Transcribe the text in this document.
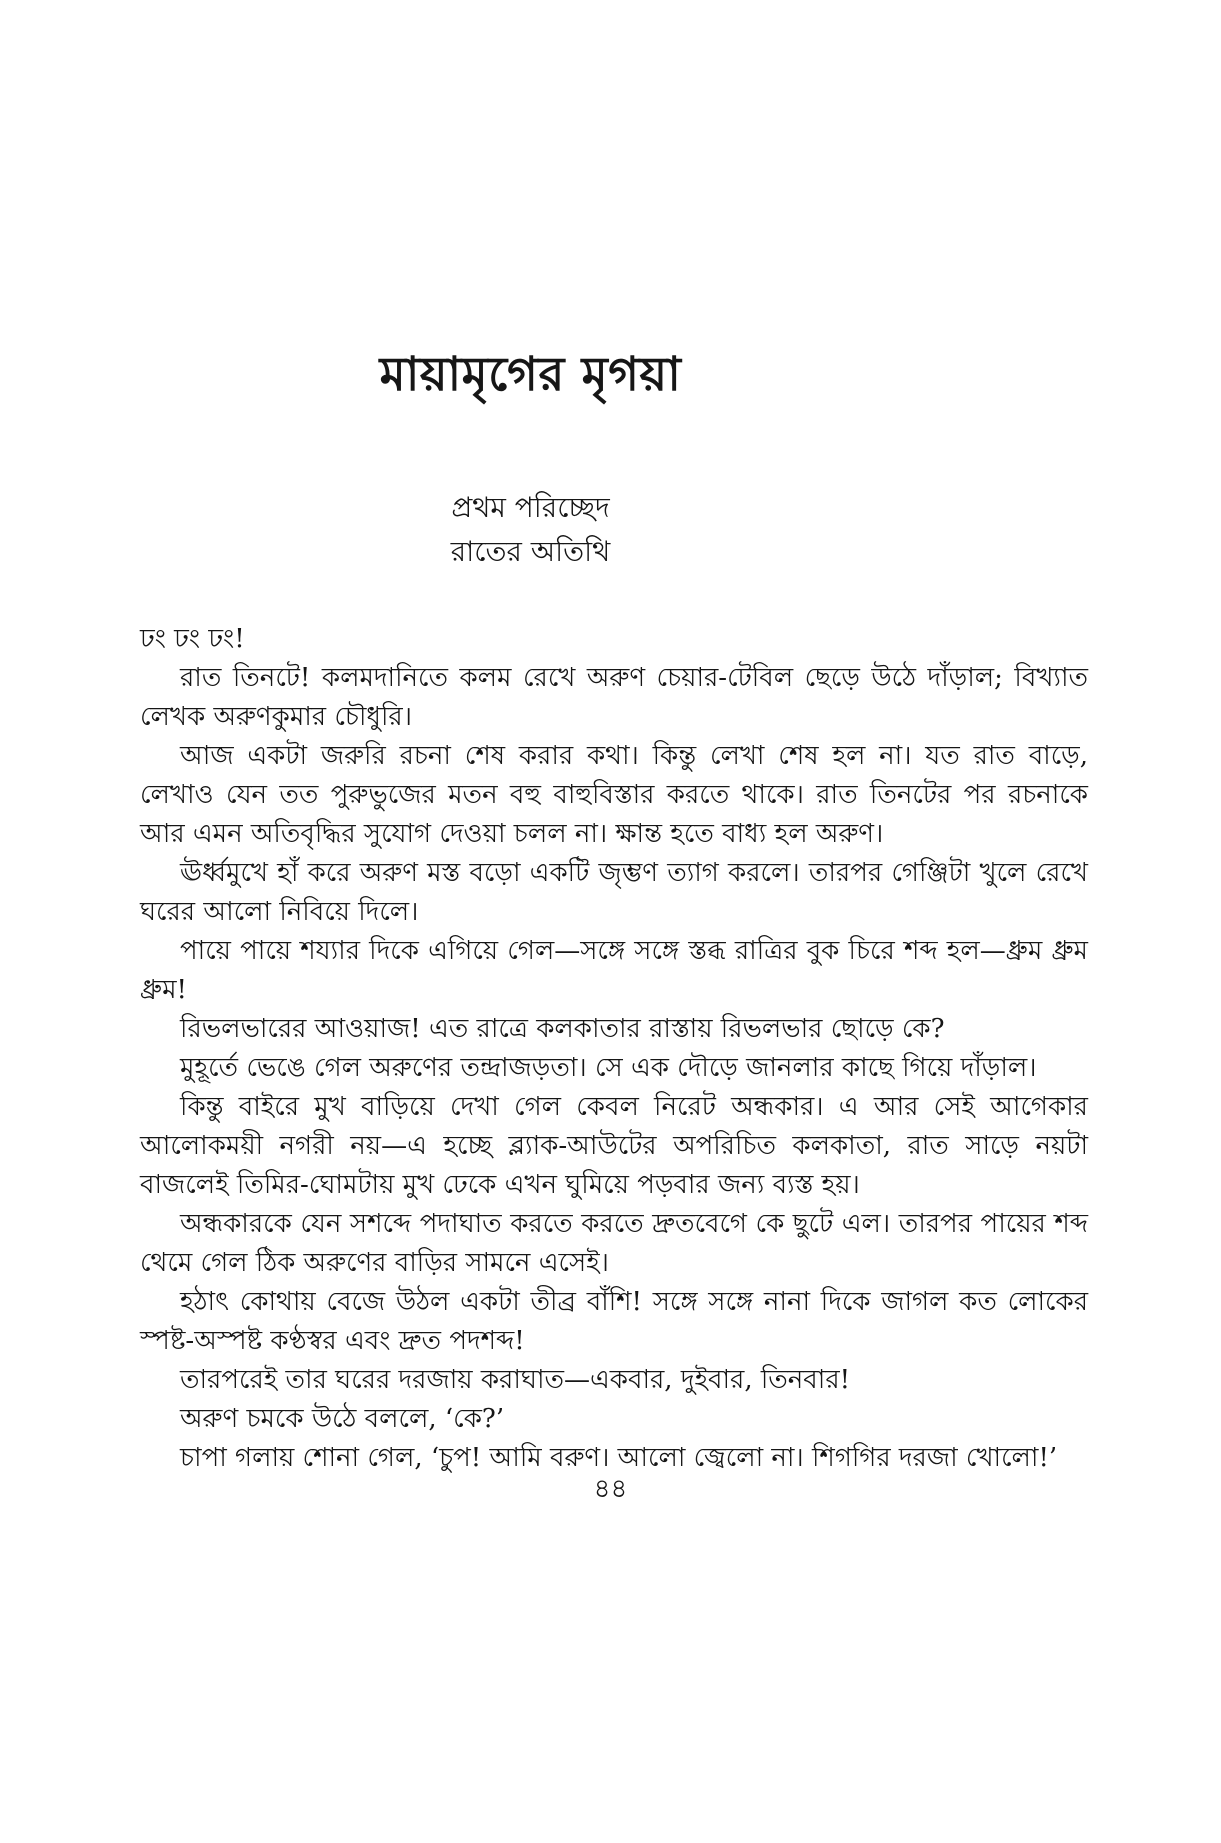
মায়ামৃগের মৃগয়া
প্রথম পরিচ্ছেদ
রাতের অতিথি

ঢং ঢং ঢং!

রাত তিনটে! কলমদানিতে কলম রেখে অরুণ চেয়ার-টেবিল ছেড়ে উঠে দাঁড়াল; বিখ্যাত লেখক অরুণকুমার চৌধুরি।

আজ একটা জরুরি রচনা শেষ করার কথা। কিন্তু লেখা শেষ হল না। যত রাত বাড়ে, লেখাও যেন তত পুরুভুজের মতন বহু বাহুবিস্তার করতে থাকে। রাত তিনটের পর রচনাকে আর এমন অতিবৃদ্ধির সুযোগ দেওয়া চলল না। ক্ষান্ত হতে বাধ্য হল অরুণ।

ঊর্ধ্বমুখে হাঁ করে অরুণ মস্ত বড়ো একটি জৃম্ভণ ত্যাগ করলে। তারপর গেঞ্জিটা খুলে রেখে ঘরের আলো নিবিয়ে দিলে।

পায়ে পায়ে শয্যার দিকে এগিয়ে গেল—সঙ্গে সঙ্গে স্তব্ধ রাত্রির বুক চিরে শব্দ হল—ধ্রুম ধ্রুম ধ্রুম!

রিভলভারের আওয়াজ! এত রাত্রে কলকাতার রাস্তায় রিভলভার ছোড়ে কে?

মুহূর্তে ভেঙে গেল অরুণের তন্দ্রাজড়তা। সে এক দৌড়ে জানলার কাছে গিয়ে দাঁড়াল।

কিন্তু বাইরে মুখ বাড়িয়ে দেখা গেল কেবল নিরেট অন্ধকার। এ আর সেই আগেকার আলোকময়ী নগরী নয়—এ হচ্ছে ব্ল্যাক-আউটের অপরিচিত কলকাতা, রাত সাড়ে নয়টা বাজলেই তিমির-ঘোমটায় মুখ ঢেকে এখন ঘুমিয়ে পড়বার জন্য ব্যস্ত হয়।

অন্ধকারকে যেন সশব্দে পদাঘাত করতে করতে দ্রুতবেগে কে ছুটে এল। তারপর পায়ের শব্দ থেমে গেল ঠিক অরুণের বাড়ির সামনে এসেই।

হঠাৎ কোথায় বেজে উঠল একটা তীব্র বাঁশি! সঙ্গে সঙ্গে নানা দিকে জাগল কত লোকের স্পষ্ট-অস্পষ্ট কণ্ঠস্বর এবং দ্রুত পদশব্দ!

তারপরেই তার ঘরের দরজায় করাঘাত—একবার, দুইবার, তিনবার!

অরুণ চমকে উঠে বললে, ‘কে?’

চাপা গলায় শোনা গেল, ‘চুপ! আমি বরুণ। আলো জ্বেলো না। শিগগির দরজা খোলো!’

৪৪
